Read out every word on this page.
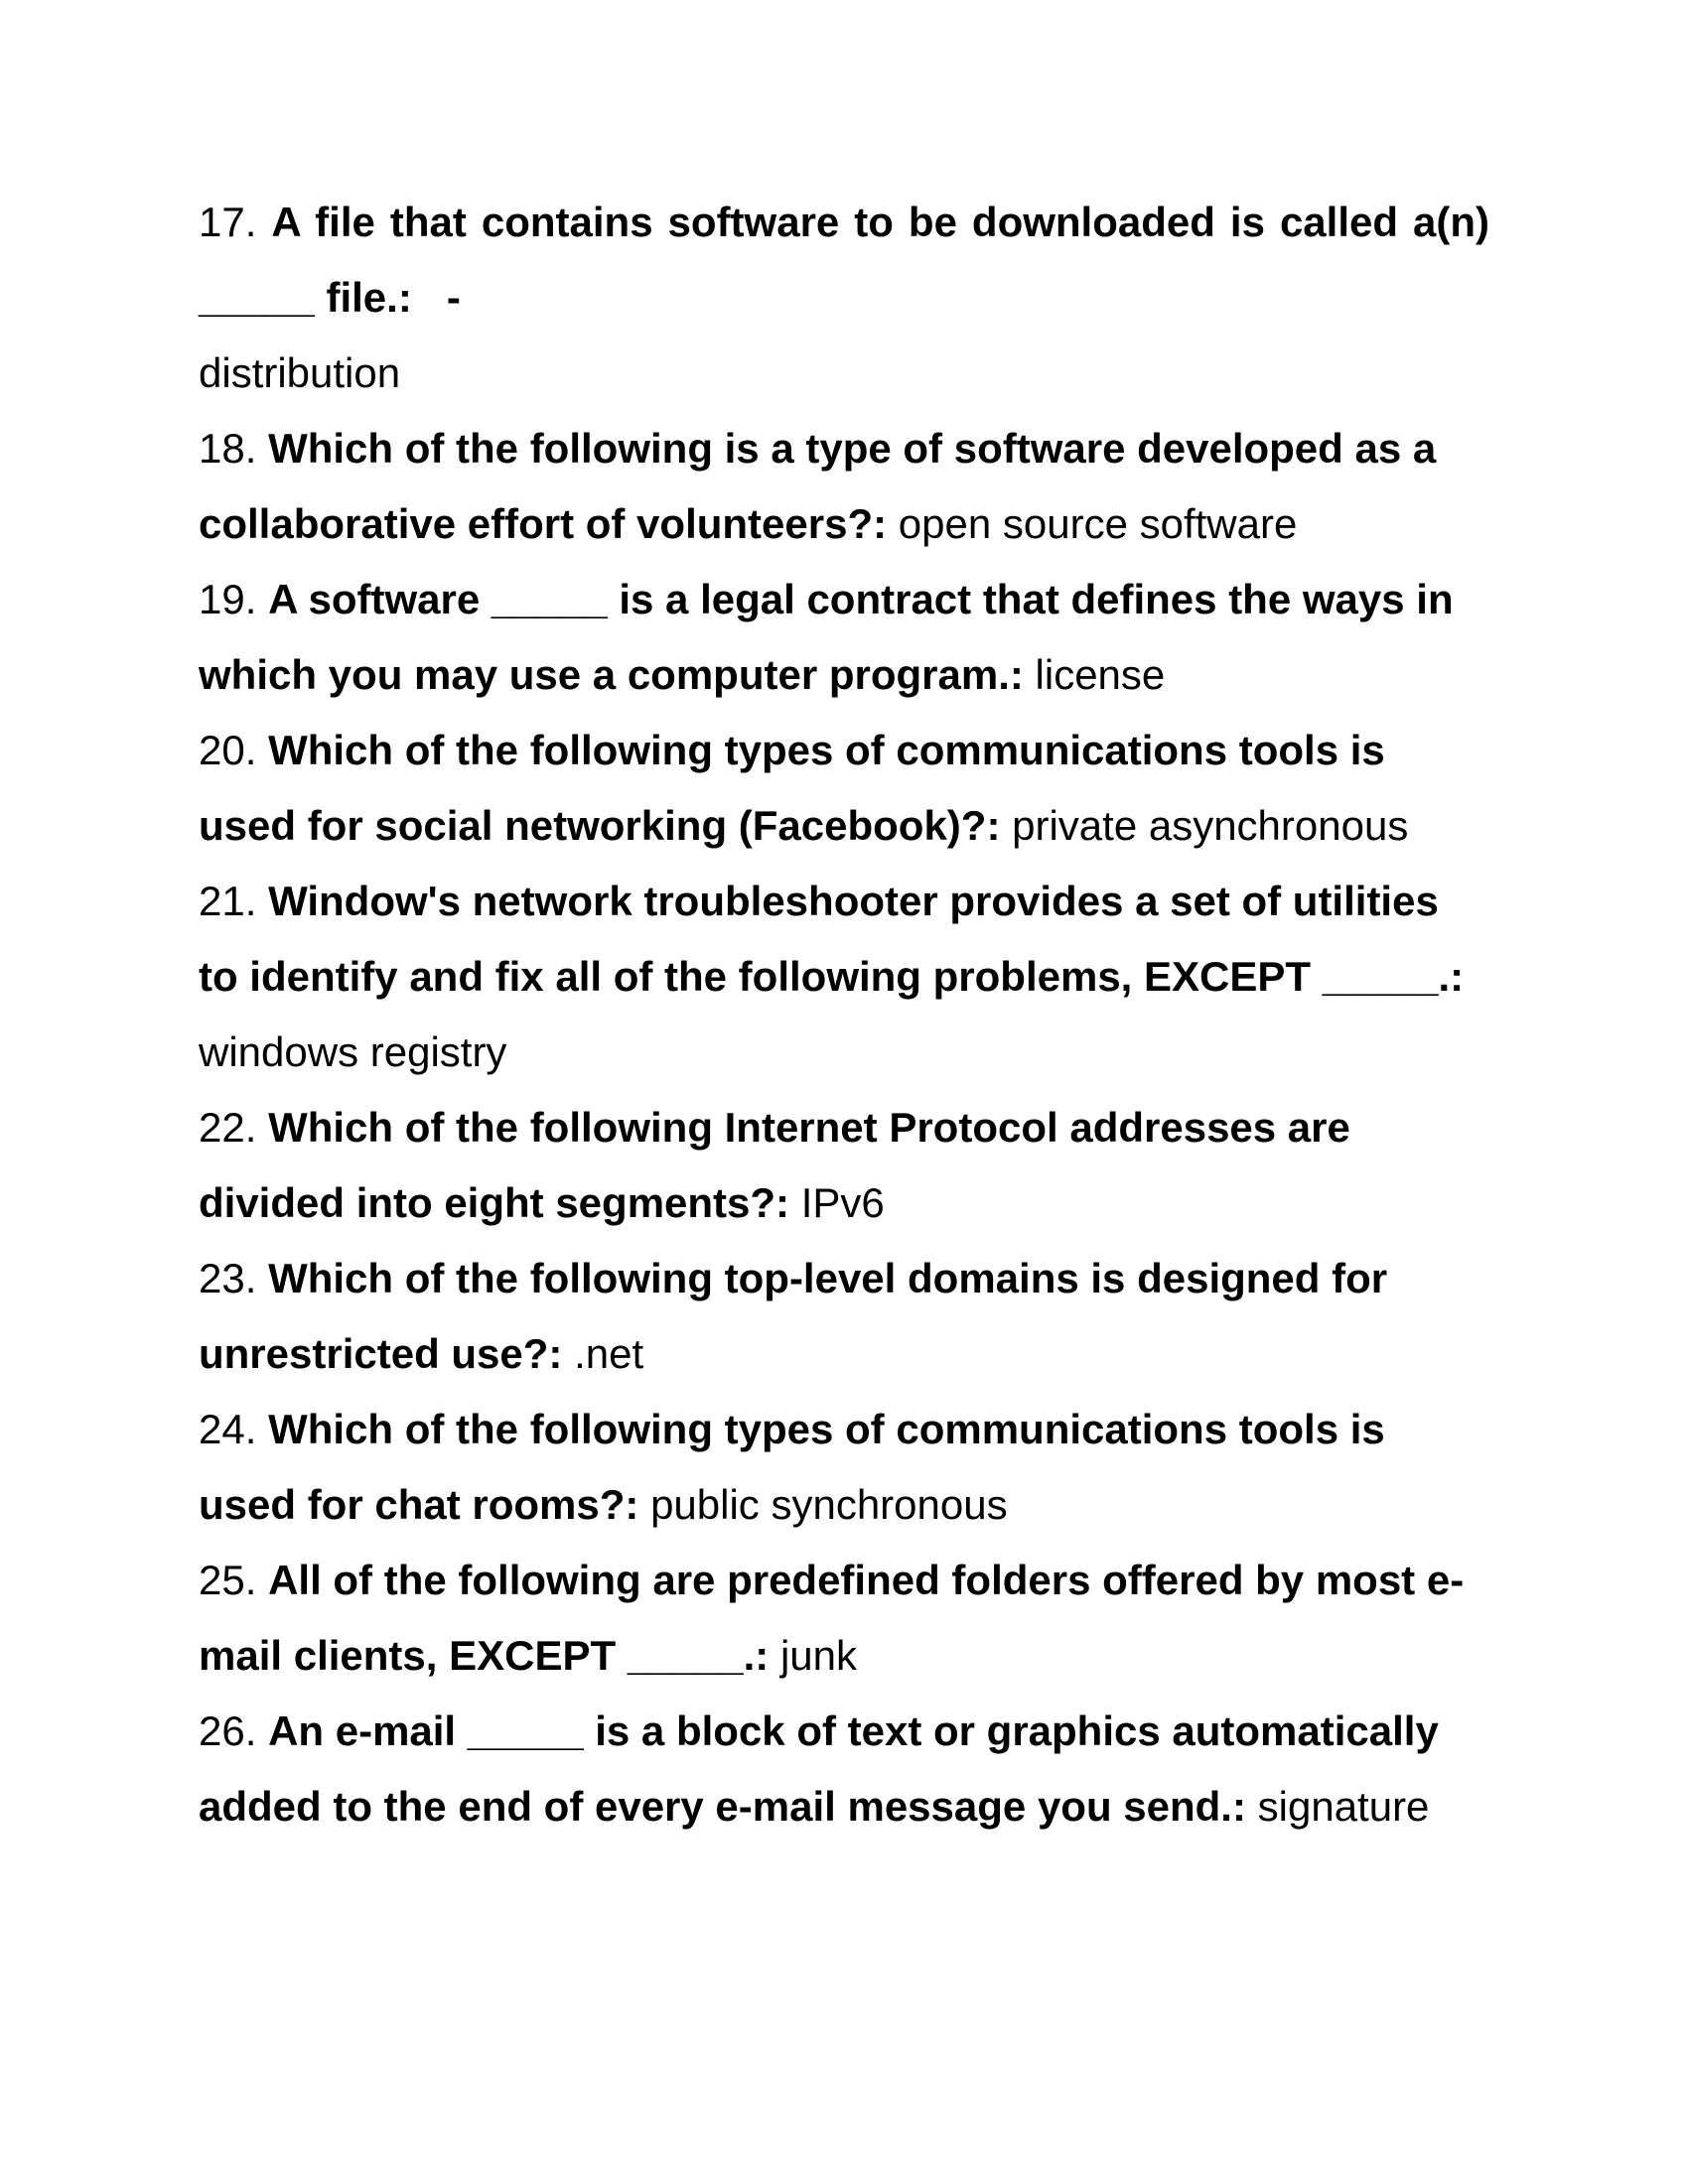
17. A file that contains software to be downloaded is called a(n) _____ file.: -
distribution

18. Which of the following is a type of software developed as a collaborative effort of volunteers?: open source software

19. A software _____ is a legal contract that defines the ways in which you may use a computer program.: license

20. Which of the following types of communications tools is used for social networking (Facebook)?: private asynchronous

21. Window's network troubleshooter provides a set of utilities to identify and fix all of the following problems, EXCEPT _____.: windows registry

22. Which of the following Internet Protocol addresses are divided into eight segments?: IPv6

23. Which of the following top-level domains is designed for unrestricted use?: .net

24. Which of the following types of communications tools is used for chat rooms?: public synchronous

25. All of the following are predefined folders offered by most e-mail clients, EXCEPT _____.: junk

26. An e-mail _____ is a block of text or graphics automatically added to the end of every e-mail message you send.: signature
